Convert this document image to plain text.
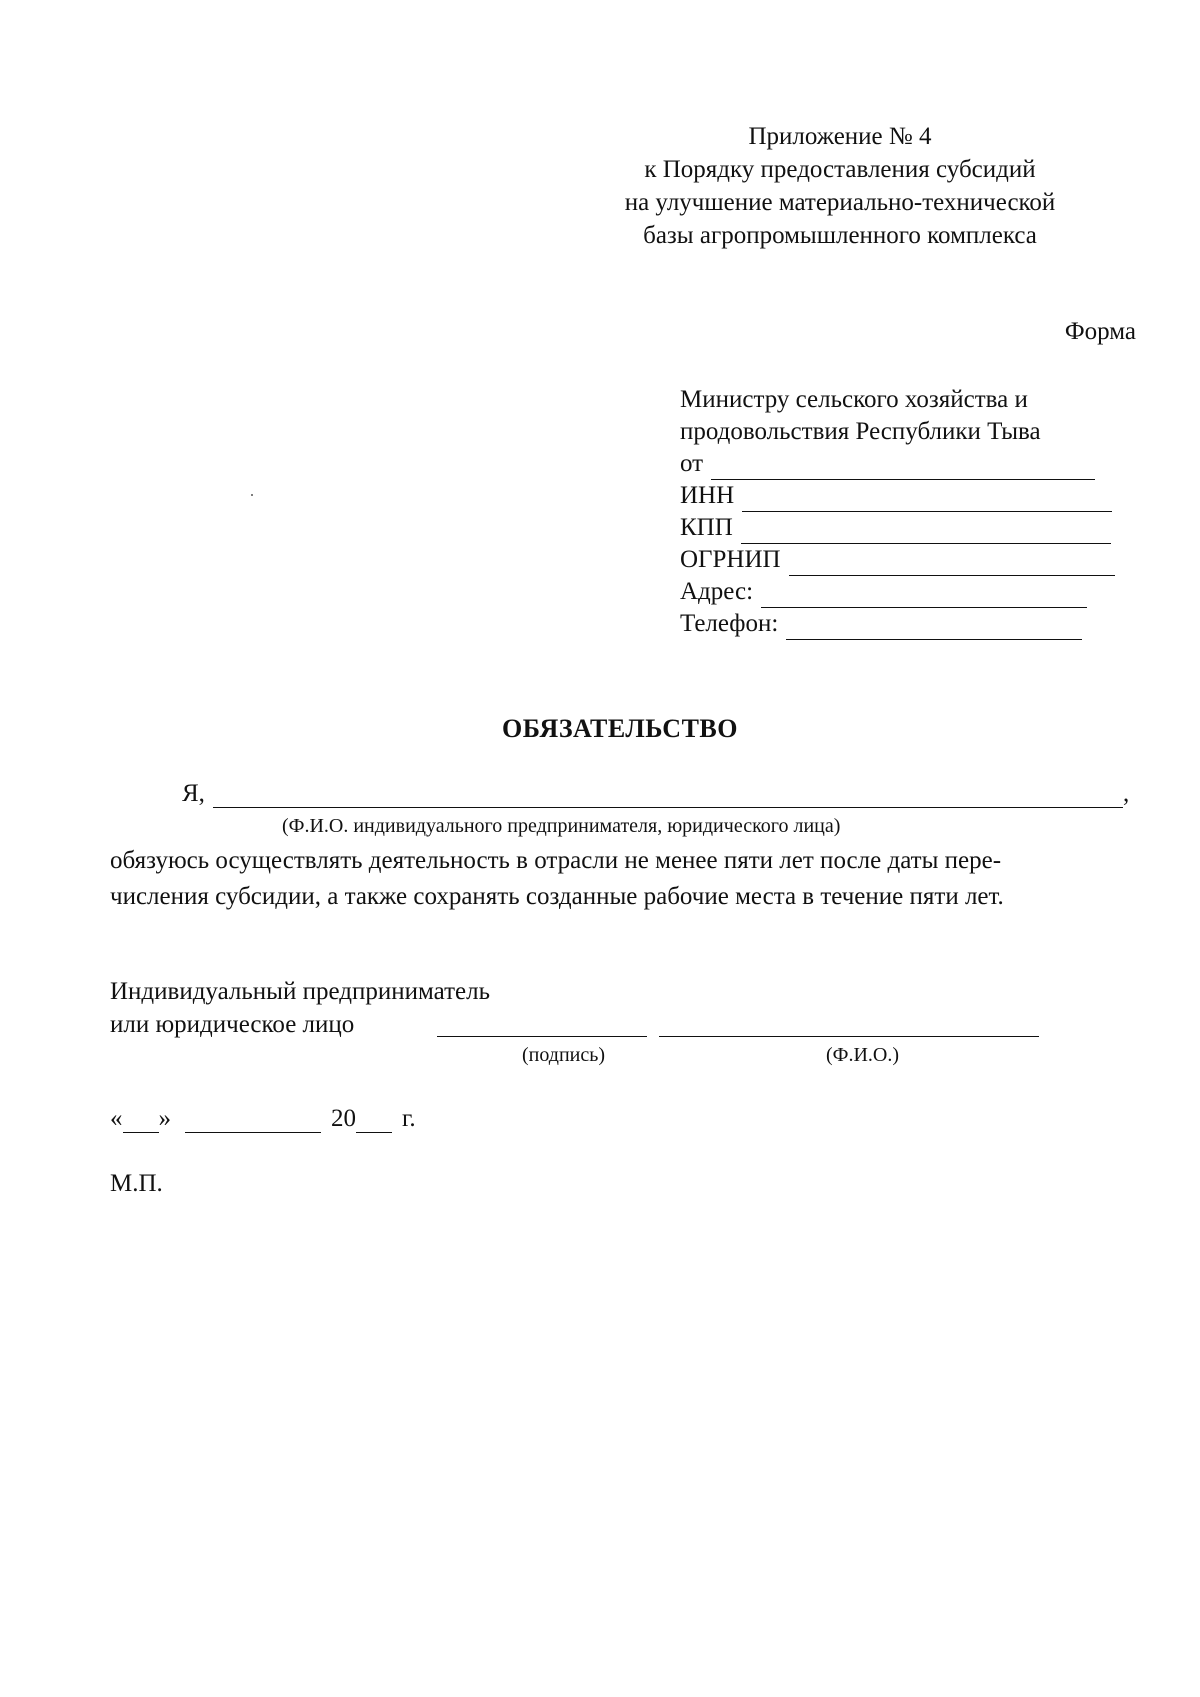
Приложение № 4
к Порядку предоставления субсидий
на улучшение материально-технической
базы агропромышленного комплекса
Форма
Министру сельского хозяйства и
продовольствия Республики Тыва
от
ИНН
КПП
ОГРНИП
Адрес:
Телефон:
ОБЯЗАТЕЛЬСТВО
Я,	,
(Ф.И.О. индивидуального предпринимателя, юридического лица)
обязуюсь осуществлять деятельность в отрасли не менее пяти лет после даты пере-
числения субсидии, а также сохранять созданные рабочие места в течение пяти лет.
Индивидуальный предприниматель
или юридическое лицо
(подпись)	(Ф.И.О.)
« »	20 г.
М.П.
